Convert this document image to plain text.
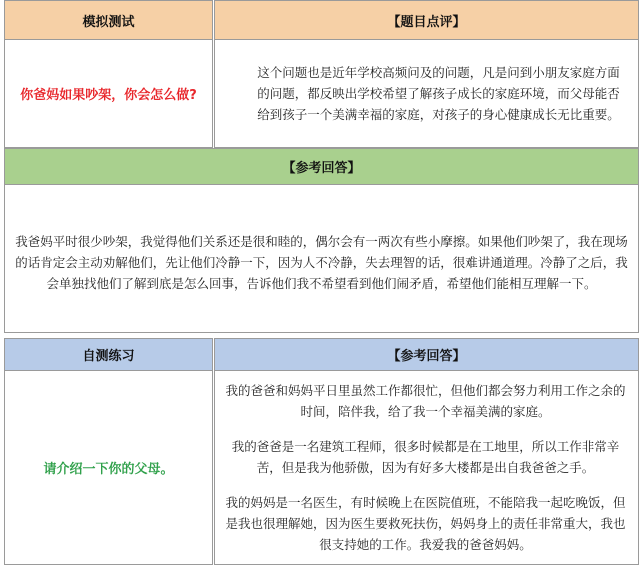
模拟测试	【题目点评】
你爸妈如果吵架，你会怎么做?
这个问题也是近年学校高频问及的问题，凡是问到小朋友家庭方面的问题，都反映出学校希望了解孩子成长的家庭环境，而父母能否给到孩子一个美满幸福的家庭，对孩子的身心健康成长无比重要。
【参考回答】
我爸妈平时很少吵架，我觉得他们关系还是很和睦的，偶尔会有一两次有些小摩擦。如果他们吵架了，我在现场的话肯定会主动劝解他们，先让他们冷静一下，因为人不冷静，失去理智的话，很难讲通道理。冷静了之后，我会单独找他们了解到底是怎么回事，告诉他们我不希望看到他们闹矛盾，希望他们能相互理解一下。
自测练习	【参考回答】
请介绍一下你的父母。
我的爸爸和妈妈平日里虽然工作都很忙，但他们都会努力利用工作之余的时间，陪伴我，给了我一个幸福美满的家庭。
我的爸爸是一名建筑工程师，很多时候都是在工地里，所以工作非常辛苦，但是我为他骄傲，因为有好多大楼都是出自我爸爸之手。
我的妈妈是一名医生，有时候晚上在医院值班，不能陪我一起吃晚饭，但是我也很理解她，因为医生要救死扶伤，妈妈身上的责任非常重大，我也很支持她的工作。我爱我的爸爸妈妈。
